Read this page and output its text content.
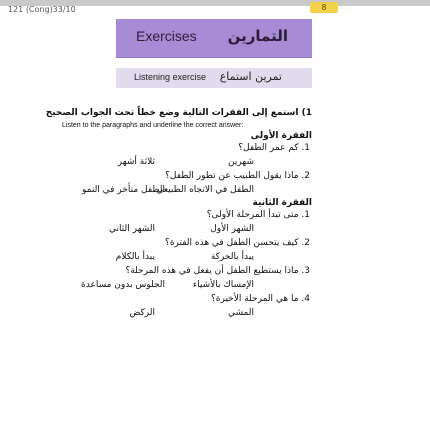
121 (Cong)33/10	8
Exercises التمارين
Listening exercise تمرين استماع
1) استمع إلى الفقرات التالية وضع خطاً تحت الجواب الصحيح
Listen to the paragraphs and underline the correct answer:
الفقرة الأولى
1. كم عمر الطفل؟
شهرين
ثلاثة أشهر
2. ماذا يقول الطبيب عن تطور الطفل؟
الطفل في الاتجاه الطبيعي
الطفل متأخر في النمو
الفقرة الثانية
1. متى تبدأ المرحلة الأولى؟
الشهر الأول
الشهر الثاني
2. كيف يتحسن الطفل في هذه الفترة؟
يبدأ بالحركة
يبدأ بالكلام
3. ماذا يستطيع الطفل أن يفعل في هذه المرحلة؟
الإمساك بالأشياء
الجلوس بدون مساعدة
4. ما هي المرحلة الأخيرة؟
المشي
الركض
